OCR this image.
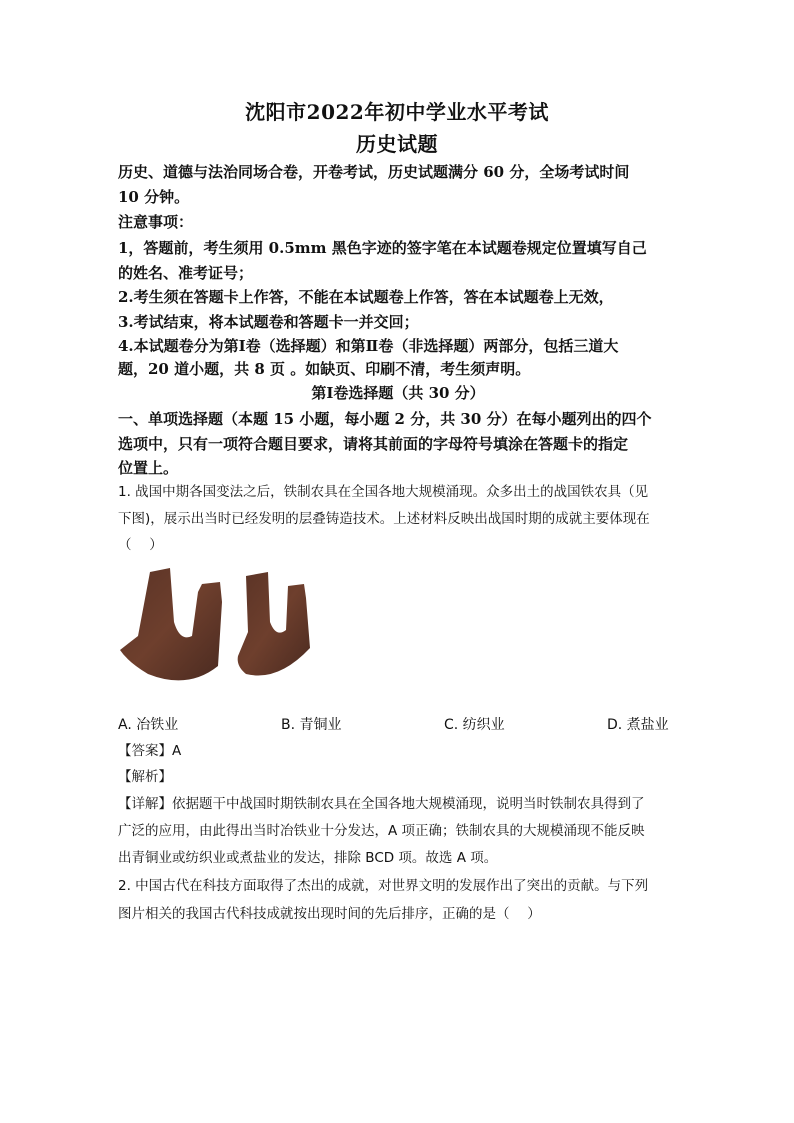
沈阳市2022年初中学业水平考试
历史试题
历史、道德与法治同场合卷，开卷考试，历史试题满分 60 分，全场考试时间
10 分钟。
注意事项：
1，答题前，考生须用 0.5mm 黑色字迹的签字笔在本试题卷规定位置填写自己
的姓名、准考证号；
2.考生须在答题卡上作答，不能在本试题卷上作答，答在本试题卷上无效，
3.考试结束，将本试题卷和答题卡一并交回；
4.本试题卷分为第Ⅰ卷（选择题）和第Ⅱ卷（非选择题）两部分，包括三道大
题，20 道小题，共 8 页 。如缺页、印刷不清，考生须声明。
第Ⅰ卷选择题（共 30 分）
一、单项选择题（本题 15 小题，每小题 2 分，共 30 分）在每小题列出的四个
选项中，只有一项符合题目要求，请将其前面的字母符号填涂在答题卡的指定
位置上。
1. 战国中期各国变法之后，铁制农具在全国各地大规模涌现。众多出土的战国铁农具（见
下图)，展示出当时已经发明的层叠铸造技术。上述材料反映出战国时期的成就主要体现在
（　 ）
A. 冶铁业	B. 青铜业	C. 纺织业	D. 煮盐业
【答案】A
【解析】
【详解】依据题干中战国时期铁制农具在全国各地大规模涌现，说明当时铁制农具得到了
广泛的应用，由此得出当时冶铁业十分发达，A 项正确；铁制农具的大规模涌现不能反映
出青铜业或纺织业或煮盐业的发达，排除 BCD 项。故选 A 项。
2. 中国古代在科技方面取得了杰出的成就，对世界文明的发展作出了突出的贡献。与下列
图片相关的我国古代科技成就按出现时间的先后排序，正确的是（　 ）
